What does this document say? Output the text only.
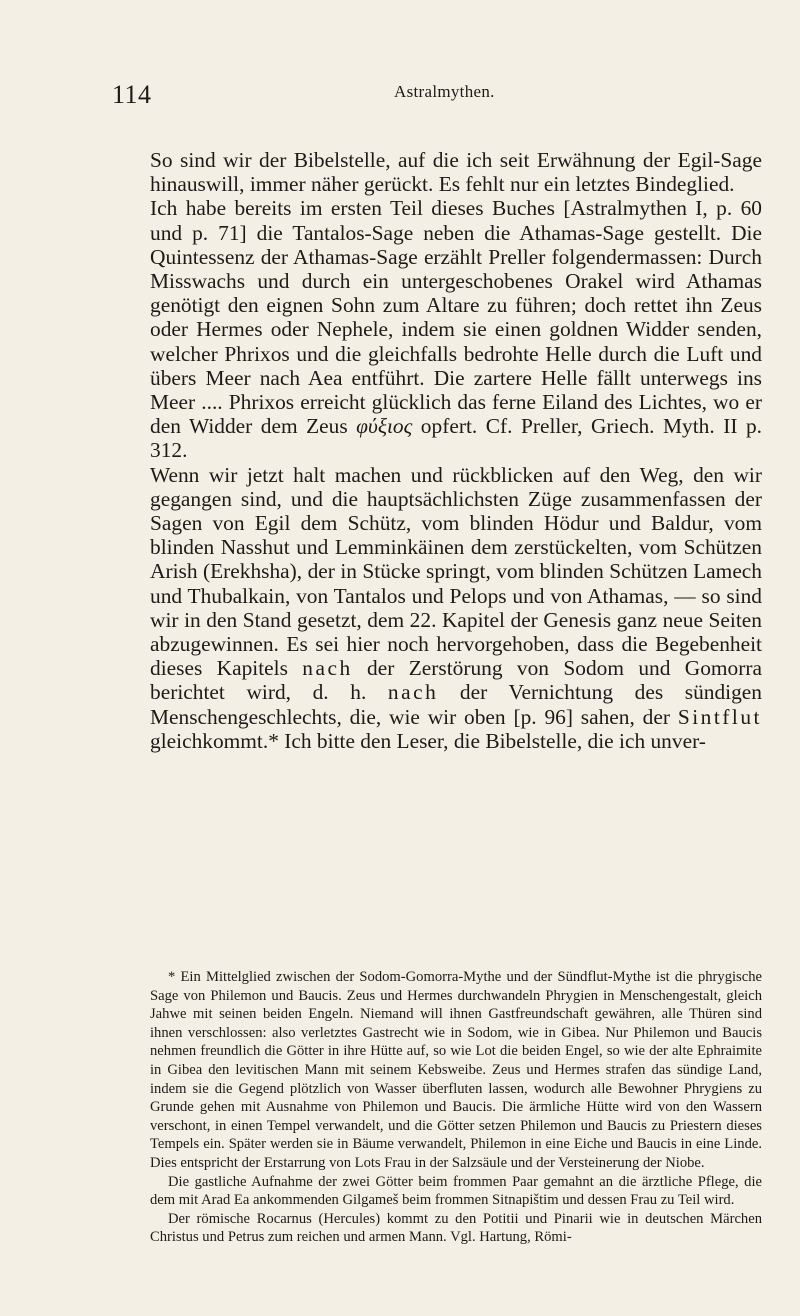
114	Astralmythen.

So sind wir der Bibelstelle, auf die ich seit Erwähnung der Egil-Sage hinauswill, immer näher gerückt. Es fehlt nur ein letztes Bindeglied.

Ich habe bereits im ersten Teil dieses Buches [Astralmythen I, p. 60 und p. 71] die Tantalos-Sage neben die Athamas-Sage gestellt. Die Quintessenz der Athamas-Sage erzählt Preller folgendermassen: Durch Misswachs und durch ein untergeschobenes Orakel wird Athamas genötigt den eignen Sohn zum Altare zu führen; doch rettet ihn Zeus oder Hermes oder Nephele, indem sie einen goldnen Widder senden, welcher Phrixos und die gleichfalls bedrohte Helle durch die Luft und übers Meer nach Aea entführt. Die zartere Helle fällt unterwegs ins Meer .... Phrixos erreicht glücklich das ferne Eiland des Lichtes, wo er den Widder dem Zeus φύξιος opfert. Cf. Preller, Griech. Myth. II p. 312.

Wenn wir jetzt halt machen und rückblicken auf den Weg, den wir gegangen sind, und die hauptsächlichsten Züge zusammenfassen der Sagen von Egil dem Schütz, vom blinden Hödur und Baldur, vom blinden Nasshut und Lemminkäinen dem zerstückelten, vom Schützen Arish (Erekhsha), der in Stücke springt, vom blinden Schützen Lamech und Thubalkain, von Tantalos und Pelops und von Athamas, — so sind wir in den Stand gesetzt, dem 22. Kapitel der Genesis ganz neue Seiten abzugewinnen. Es sei hier noch hervorgehoben, dass die Begebenheit dieses Kapitels nach der Zerstörung von Sodom und Gomorra berichtet wird, d. h. nach der Vernichtung des sündigen Menschengeschlechts, die, wie wir oben [p. 96] sahen, der Sintflut gleichkommt.* Ich bitte den Leser, die Bibelstelle, die ich unver-

* Ein Mittelglied zwischen der Sodom-Gomorra-Mythe und der Sündflut-Mythe ist die phrygische Sage von Philemon und Baucis. Zeus und Hermes durchwandeln Phrygien in Menschengestalt, gleich Jahwe mit seinen beiden Engeln. Niemand will ihnen Gastfreundschaft gewähren, alle Thüren sind ihnen verschlossen: also verletztes Gastrecht wie in Sodom, wie in Gibea. Nur Philemon und Baucis nehmen freundlich die Götter in ihre Hütte auf, so wie Lot die beiden Engel, so wie der alte Ephraimite in Gibea den levitischen Mann mit seinem Kebsweibe. Zeus und Hermes strafen das sündige Land, indem sie die Gegend plötzlich von Wasser überfluten lassen, wodurch alle Bewohner Phrygiens zu Grunde gehen mit Ausnahme von Philemon und Baucis. Die ärmliche Hütte wird von den Wassern verschont, in einen Tempel verwandelt, und die Götter setzen Philemon und Baucis zu Priestern dieses Tempels ein. Später werden sie in Bäume verwandelt, Philemon in eine Eiche und Baucis in eine Linde. Dies entspricht der Erstarrung von Lots Frau in der Salzsäule und der Versteinerung der Niobe.

Die gastliche Aufnahme der zwei Götter beim frommen Paar gemahnt an die ärztliche Pflege, die dem mit Arad Ea ankommenden Gilgameš beim frommen Sitnapištim und dessen Frau zu Teil wird.

Der römische Rocarnus (Hercules) kommt zu den Potitii und Pinarii wie in deutschen Märchen Christus und Petrus zum reichen und armen Mann. Vgl. Hartung, Römi-
